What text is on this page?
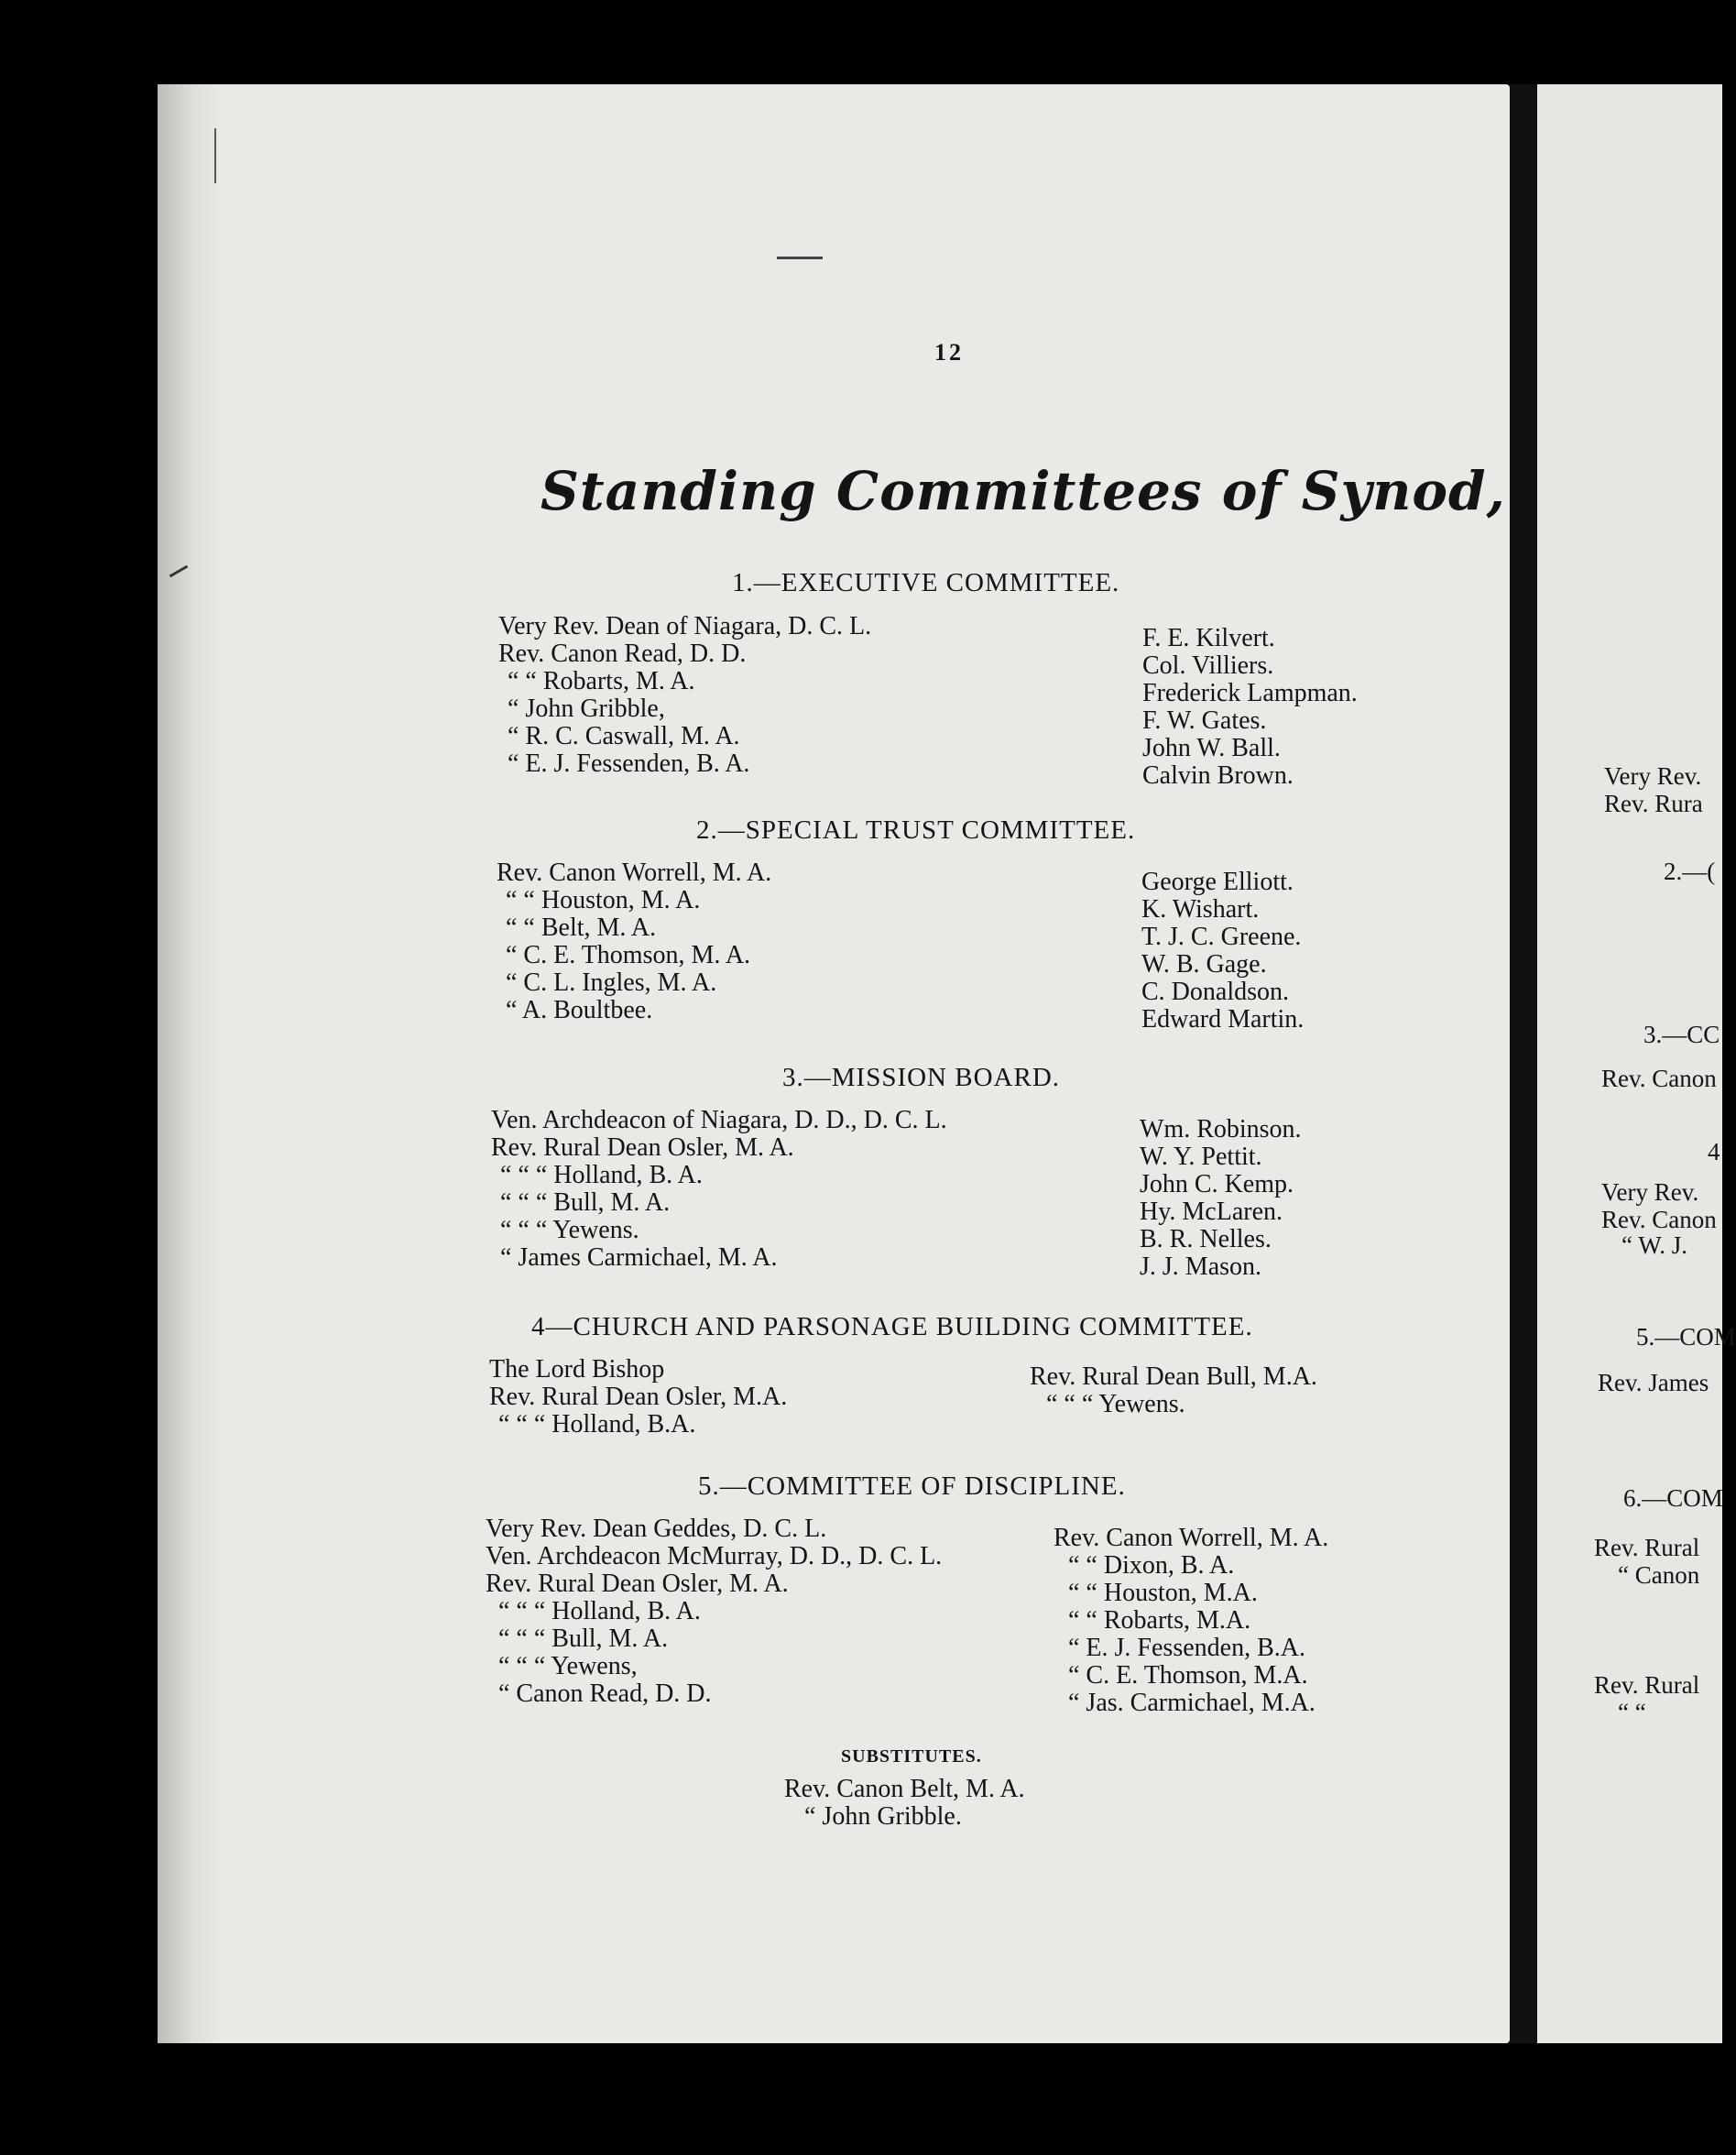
12
Standing Committees of Synod,
1.—EXECUTIVE COMMITTEE.
Very Rev. Dean of Niagara, D. C. L.
Rev. Canon Read, D. D.
“ “ Robarts, M. A.
“ John Gribble,
“ R. C. Caswall, M. A.
“ E. J. Fessenden, B. A.
F. E. Kilvert.
Col. Villiers.
Frederick Lampman.
F. W. Gates.
John W. Ball.
Calvin Brown.
2.—SPECIAL TRUST COMMITTEE.
Rev. Canon Worrell, M. A.
“ “ Houston, M. A.
“ “ Belt, M. A.
“ C. E. Thomson, M. A.
“ C. L. Ingles, M. A.
“ A. Boultbee.
George Elliott.
K. Wishart.
T. J. C. Greene.
W. B. Gage.
C. Donaldson.
Edward Martin.
3.—MISSION BOARD.
Ven. Archdeacon of Niagara, D. D., D. C. L.
Rev. Rural Dean Osler, M. A.
“ “ “ Holland, B. A.
“ “ “ Bull, M. A.
“ “ “ Yewens.
“ James Carmichael, M. A.
Wm. Robinson.
W. Y. Pettit.
John C. Kemp.
Hy. McLaren.
B. R. Nelles.
J. J. Mason.
4—CHURCH AND PARSONAGE BUILDING COMMITTEE.
The Lord Bishop
Rev. Rural Dean Osler, M.A.
“ “ “ Holland, B.A.
Rev. Rural Dean Bull, M.A.
“ “ “ Yewens.
5.—COMMITTEE OF DISCIPLINE.
Very Rev. Dean Geddes, D. C. L.
Ven. Archdeacon McMurray, D. D., D. C. L.
Rev. Rural Dean Osler, M. A.
“ “ “ Holland, B. A.
“ “ “ Bull, M. A.
“ “ “ Yewens,
“ Canon Read, D. D.
Rev. Canon Worrell, M. A.
“ “ Dixon, B. A.
“ “ Houston, M.A.
“ “ Robarts, M.A.
“ E. J. Fessenden, B.A.
“ C. E. Thomson, M.A.
“ Jas. Carmichael, M.A.
SUBSTITUTES.
Rev. Canon Belt, M. A.
“ John Gribble.
Very Rev.
Rev. Rura
2.—(
3.—CC
Rev. Canon
4
Very Rev.
Rev. Canon
“ W. J.
5.—COM
Rev. James
6.—COM
Rev. Rural
“ Canon
Rev. Rural
“ “
